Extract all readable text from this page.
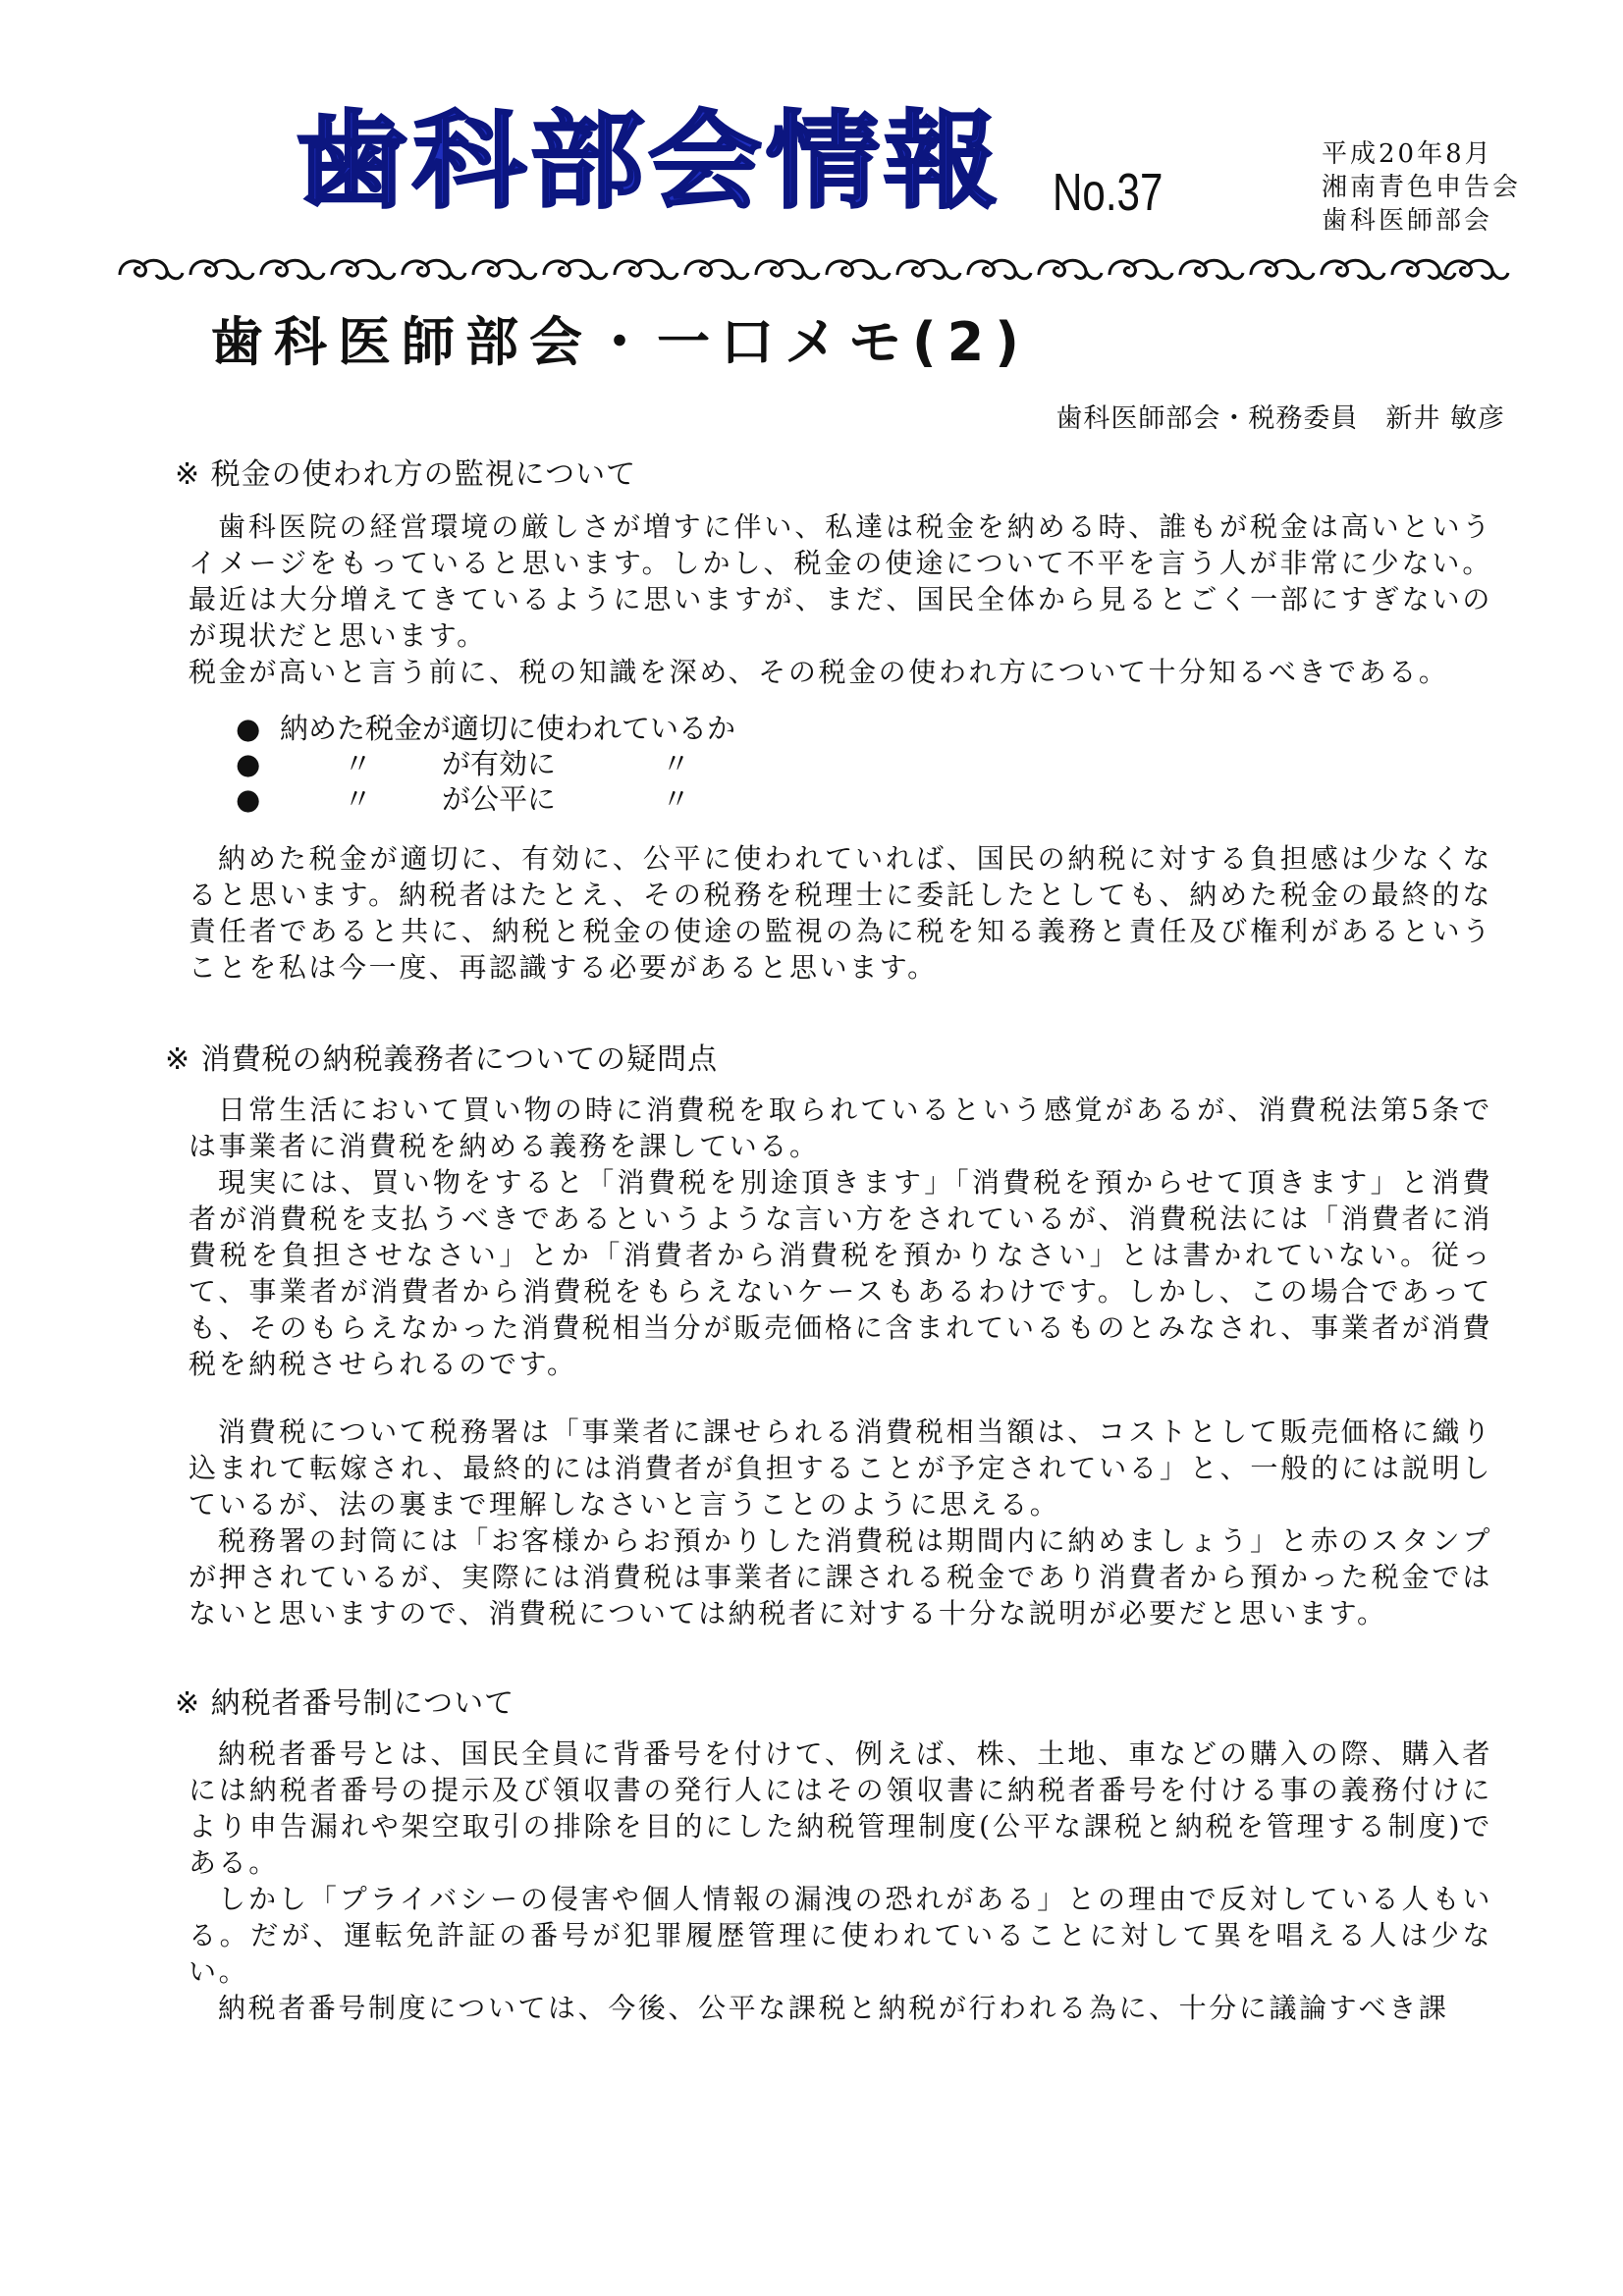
歯科部会情報 No.37
平成20年8月
湘南青色申告会
歯科医師部会
歯科医師部会・一口メモ(2)
歯科医師部会・税務委員　新井 敏彦
※ 税金の使われ方の監視について

歯科医院の経営環境の厳しさが増すに伴い、私達は税金を納める時、誰もが税金は高いというイメージをもっていると思います。しかし、税金の使途について不平を言う人が非常に少ない。最近は大分増えてきているように思いますが、まだ、国民全体から見るとごく一部にすぎないのが現状だと思います。

税金が高いと言う前に、税の知識を深め、その税金の使われ方について十分知るべきである。

● 納めた税金が適切に使われているか
●	〃 が有効に	〃
●	〃 が公平に	〃

納めた税金が適切に、有効に、公平に使われていれば、国民の納税に対する負担感は少なくなると思います。納税者はたとえ、その税務を税理士に委託したとしても、納めた税金の最終的な責任者であると共に、納税と税金の使途の監視の為に税を知る義務と責任及び権利があるということを私は今一度、再認識する必要があると思います。

※ 消費税の納税義務者についての疑問点

日常生活において買い物の時に消費税を取られているという感覚があるが、消費税法第5条では事業者に消費税を納める義務を課している。

現実には、買い物をすると「消費税を別途頂きます」「消費税を預からせて頂きます」と消費者が消費税を支払うべきであるというような言い方をされているが、消費税法には「消費者に消費税を負担させなさい」とか「消費者から消費税を預かりなさい」とは書かれていない。従って、事業者が消費者から消費税をもらえないケースもあるわけです。しかし、この場合であっても、そのもらえなかった消費税相当分が販売価格に含まれているものとみなされ、事業者が消費税を納税させられるのです。

消費税について税務署は「事業者に課せられる消費税相当額は、コストとして販売価格に織り込まれて転嫁され、最終的には消費者が負担することが予定されている」と、一般的には説明しているが、法の裏まで理解しなさいと言うことのように思える。

税務署の封筒には「お客様からお預かりした消費税は期間内に納めましょう」と赤のスタンプが押されているが、実際には消費税は事業者に課される税金であり消費者から預かった税金ではないと思いますので、消費税については納税者に対する十分な説明が必要だと思います。

※ 納税者番号制について

納税者番号とは、国民全員に背番号を付けて、例えば、株、土地、車などの購入の際、購入者には納税者番号の提示及び領収書の発行人にはその領収書に納税者番号を付ける事の義務付けにより申告漏れや架空取引の排除を目的にした納税管理制度(公平な課税と納税を管理する制度)である。

しかし「プライバシーの侵害や個人情報の漏洩の恐れがある」との理由で反対している人もいる。だが、運転免許証の番号が犯罪履歴管理に使われていることに対して異を唱える人は少ない。

納税者番号制度については、今後、公平な課税と納税が行われる為に、十分に議論すべき課
